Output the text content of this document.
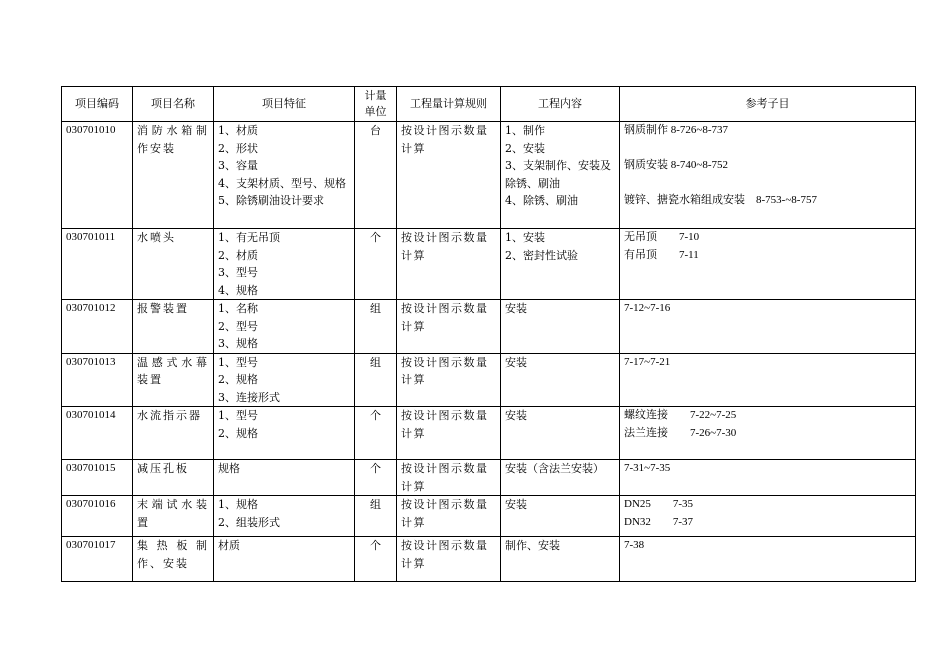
项目编码	项目名称	项目特征	计量
单位	工程量计算规则	工程内容	参考子目
030701010	消防水箱制作安装	1、材质
2、形状
3、容量
4、支架材质、型号、规格
5、除锈刷油设计要求	台	按设计图示数量计算	1、制作
2、安装
3、支架制作、安装及除锈、刷油
4、除锈、刷油	钢质制作 8-726~8-737
钢质安装 8-740~8-752
镀锌、搪瓷水箱组成安装　8-753-~8-757

030701011	水喷头	1、有无吊顶
2、材质
3、型号
4、规格	个	按设计图示数量计算	1、安装
2、密封性试验	无吊顶 7-10
有吊顶 7-11

030701012	报警装置	1、名称
2、型号
3、规格	组	按设计图示数量计算	安装	7-12~7-16

030701013	温感式水幕装置	1、型号
2、规格
3、连接形式	组	按设计图示数量计算	安装	7-17~7-21

030701014	水流指示器	1、型号
2、规格	个	按设计图示数量计算	安装	螺纹连接 7-22~7-25
法兰连接 7-26~7-30

030701015	减压孔板	规格	个	按设计图示数量计算	安装（含法兰安装）	7-31~7-35

030701016	末端试水装置	1、规格
2、组装形式	组	按设计图示数量计算	安装	DN25 7-35
DN32 7-37

030701017	集热板制作、安装	材质	个	按设计图示数量计算	制作、安装	7-38
